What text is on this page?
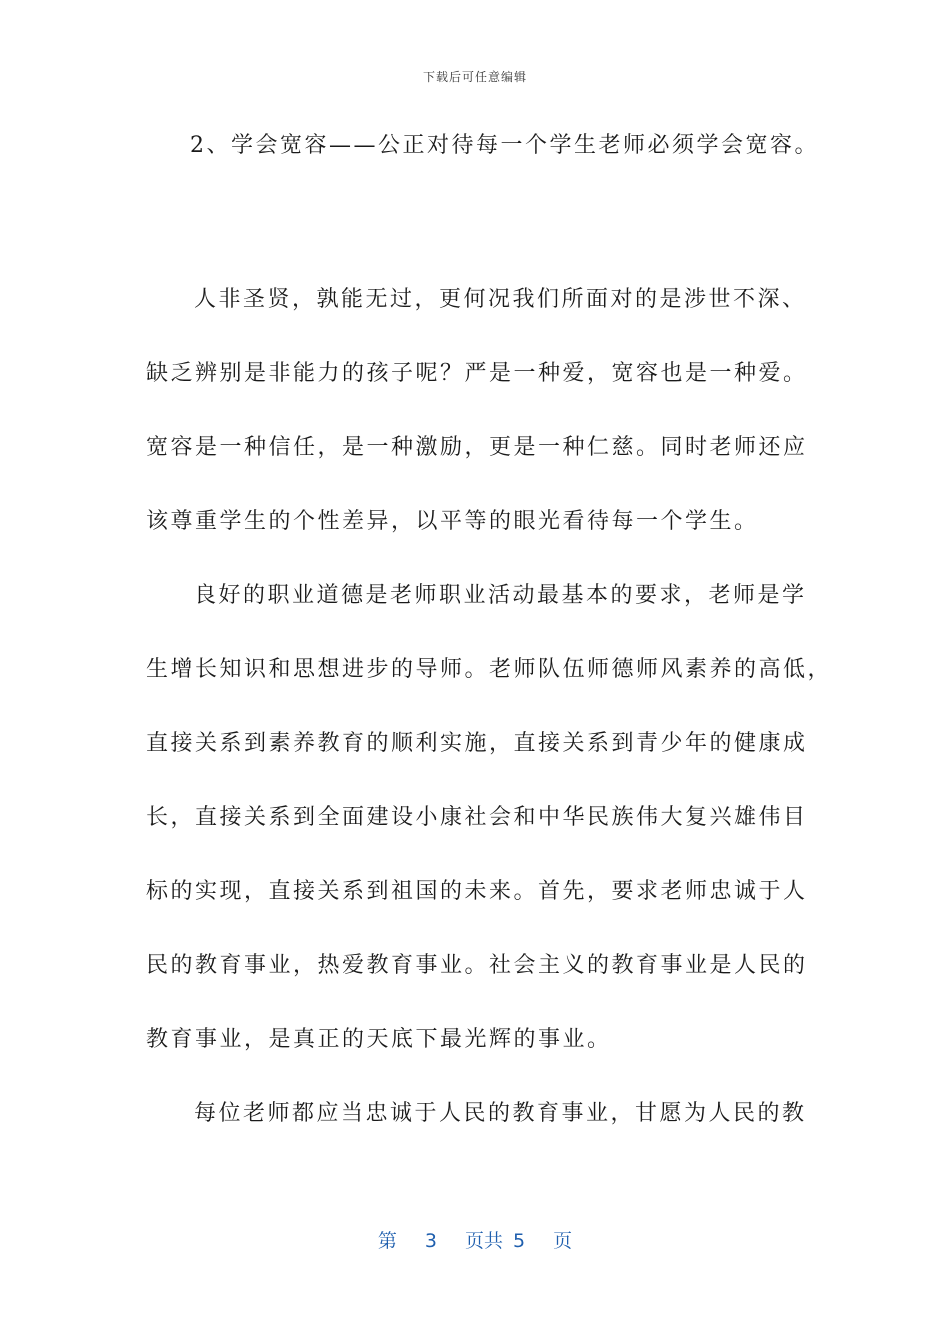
下载后可任意编辑
2、学会宽容——公正对待每一个学生老师必须学会宽容。
人非圣贤，孰能无过，更何况我们所面对的是涉世不深、
缺乏辨别是非能力的孩子呢？严是一种爱，宽容也是一种爱。
宽容是一种信任，是一种激励，更是一种仁慈。同时老师还应
该尊重学生的个性差异，以平等的眼光看待每一个学生。
良好的职业道德是老师职业活动最基本的要求，老师是学
生增长知识和思想进步的导师。老师队伍师德师风素养的高低，
直接关系到素养教育的顺利实施，直接关系到青少年的健康成
长，直接关系到全面建设小康社会和中华民族伟大复兴雄伟目
标的实现，直接关系到祖国的未来。首先，要求老师忠诚于人
民的教育事业，热爱教育事业。社会主义的教育事业是人民的
教育事业，是真正的天底下最光辉的事业。
每位老师都应当忠诚于人民的教育事业，甘愿为人民的教
第 3 页共 5 页
